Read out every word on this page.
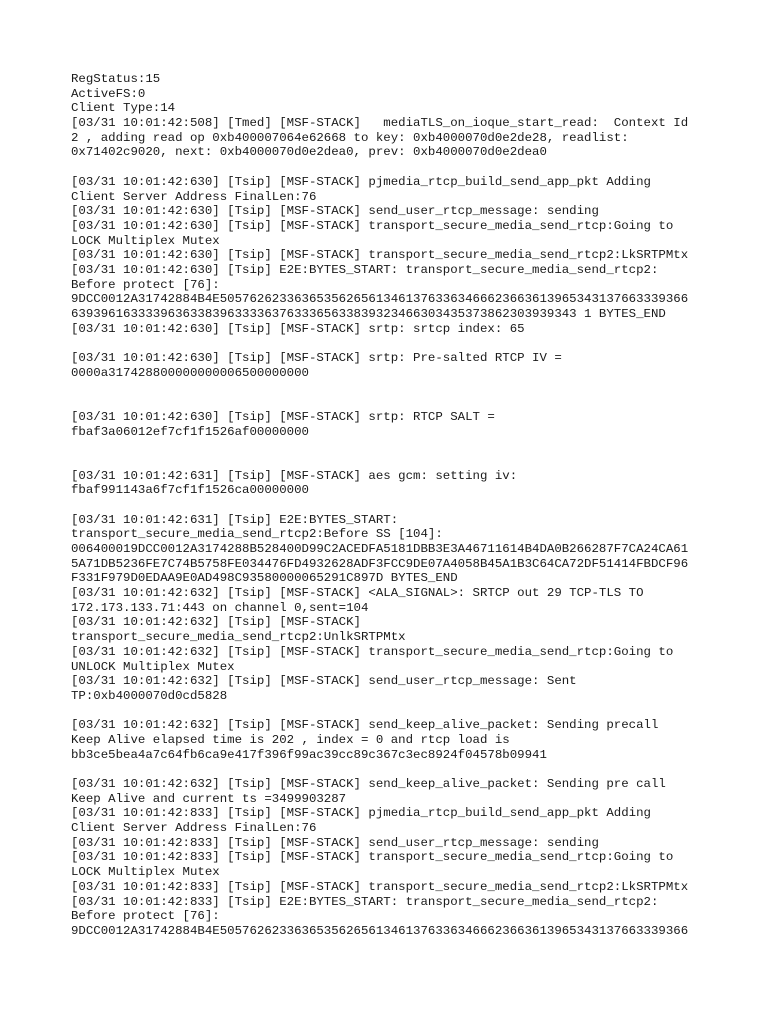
RegStatus:15
ActiveFS:0
Client Type:14
[03/31 10:01:42:508] [Tmed] [MSF-STACK]   mediaTLS_on_ioque_start_read:  Context Id
2 , adding read op 0xb400007064e62668 to key: 0xb4000070d0e2de28, readlist:
0x71402c9020, next: 0xb4000070d0e2dea0, prev: 0xb4000070d0e2dea0
[03/31 10:01:42:630] [Tsip] [MSF-STACK] pjmedia_rtcp_build_send_app_pkt Adding
Client Server Address FinalLen:76
[03/31 10:01:42:630] [Tsip] [MSF-STACK] send_user_rtcp_message: sending
[03/31 10:01:42:630] [Tsip] [MSF-STACK] transport_secure_media_send_rtcp:Going to
LOCK Multiplex Mutex
[03/31 10:01:42:630] [Tsip] [MSF-STACK] transport_secure_media_send_rtcp2:LkSRTPMtx
[03/31 10:01:42:630] [Tsip] E2E:BYTES_START: transport_secure_media_send_rtcp2:
Before protect [76]:
9DCC0012A31742884B4E505762623363653562656134613763363466623663613965343137663339366
63939616333396363383963333637633365633839323466303435373862303939343 1 BYTES_END
[03/31 10:01:42:630] [Tsip] [MSF-STACK] srtp: srtcp index: 65
[03/31 10:01:42:630] [Tsip] [MSF-STACK] srtp: Pre-salted RTCP IV =
0000a317428800000000006500000000
[03/31 10:01:42:630] [Tsip] [MSF-STACK] srtp: RTCP SALT =
fbaf3a06012ef7cf1f1526af00000000
[03/31 10:01:42:631] [Tsip] [MSF-STACK] aes gcm: setting iv:
fbaf991143a6f7cf1f1526ca00000000
[03/31 10:01:42:631] [Tsip] E2E:BYTES_START:
transport_secure_media_send_rtcp2:Before SS [104]:
006400019DCC0012A3174288B528400D99C2ACEDFA5181DBB3E3A46711614B4DA0B266287F7CA24CA61
5A71DB5236FE7C74B5758FE034476FD4932628ADF3FCC9DE07A4058B45A1B3C64CA72DF51414FBDCF96
F331F979D0EDAA9E0AD498C93580000065291C897D BYTES_END
[03/31 10:01:42:632] [Tsip] [MSF-STACK] <ALA_SIGNAL>: SRTCP out 29 TCP-TLS TO
172.173.133.71:443 on channel 0,sent=104
[03/31 10:01:42:632] [Tsip] [MSF-STACK]
transport_secure_media_send_rtcp2:UnlkSRTPMtx
[03/31 10:01:42:632] [Tsip] [MSF-STACK] transport_secure_media_send_rtcp:Going to
UNLOCK Multiplex Mutex
[03/31 10:01:42:632] [Tsip] [MSF-STACK] send_user_rtcp_message: Sent
TP:0xb4000070d0cd5828
[03/31 10:01:42:632] [Tsip] [MSF-STACK] send_keep_alive_packet: Sending precall
Keep Alive elapsed time is 202 , index = 0 and rtcp load is
bb3ce5bea4a7c64fb6ca9e417f396f99ac39cc89c367c3ec8924f04578b09941
[03/31 10:01:42:632] [Tsip] [MSF-STACK] send_keep_alive_packet: Sending pre call
Keep Alive and current ts =3499903287
[03/31 10:01:42:833] [Tsip] [MSF-STACK] pjmedia_rtcp_build_send_app_pkt Adding
Client Server Address FinalLen:76
[03/31 10:01:42:833] [Tsip] [MSF-STACK] send_user_rtcp_message: sending
[03/31 10:01:42:833] [Tsip] [MSF-STACK] transport_secure_media_send_rtcp:Going to
LOCK Multiplex Mutex
[03/31 10:01:42:833] [Tsip] [MSF-STACK] transport_secure_media_send_rtcp2:LkSRTPMtx
[03/31 10:01:42:833] [Tsip] E2E:BYTES_START: transport_secure_media_send_rtcp2:
Before protect [76]:
9DCC0012A31742884B4E505762623363653562656134613763363466623663613965343137663339366
